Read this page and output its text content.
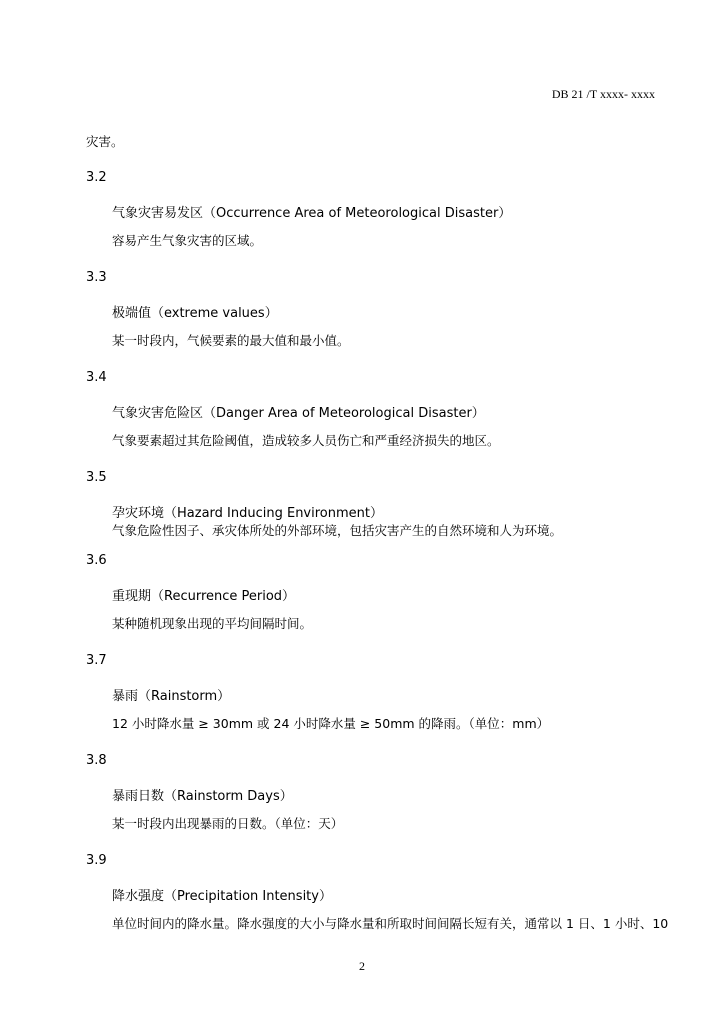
DB 21 /T xxxx- xxxx
灾害。
3.2
气象灾害易发区（Occurrence Area of Meteorological Disaster）
容易产生气象灾害的区域。
3.3
极端值（extreme values）
某一时段内，气候要素的最大值和最小值。
3.4
气象灾害危险区（Danger Area of Meteorological Disaster）
气象要素超过其危险阈值，造成较多人员伤亡和严重经济损失的地区。
3.5
孕灾环境（Hazard Inducing Environment）
气象危险性因子、承灾体所处的外部环境，包括灾害产生的自然环境和人为环境。
3.6
重现期（Recurrence Period）
某种随机现象出现的平均间隔时间。
3.7
暴雨（Rainstorm）
12 小时降水量 ≥ 30mm 或 24 小时降水量 ≥ 50mm 的降雨。（单位：mm）
3.8
暴雨日数（Rainstorm Days）
某一时段内出现暴雨的日数。（单位：天）
3.9
降水强度（Precipitation Intensity）
单位时间内的降水量。降水强度的大小与降水量和所取时间间隔长短有关，通常以 1 日、1 小时、10
2
